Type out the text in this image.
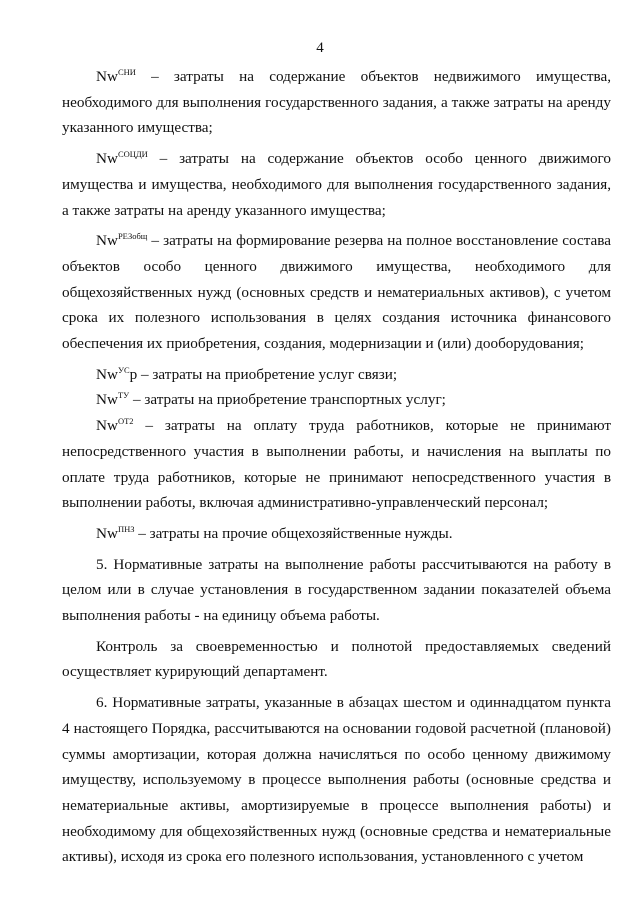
4

$Nw^{СНИ}$ – затраты на содержание объектов недвижимого имущества, необходимого для выполнения государственного задания, а также затраты на аренду указанного имущества;

$Nw^{СОЦДИ}$ – затраты на содержание объектов особо ценного движимого имущества и имущества, необходимого для выполнения государственного задания, а также затраты на аренду указанного имущества;

$Nw^{РЕЗобщ}$ – затраты на формирование резерва на полное восстановление состава объектов особо ценного движимого имущества, необходимого для общехозяйственных нужд (основных средств и нематериальных активов), с учетом срока их полезного использования в целях создания источника финансового обеспечения их приобретения, создания, модернизации и (или) дооборудования;

$Nw^{УС}р$ – затраты на приобретение услуг связи;

$Nw^{ТУ}$ – затраты на приобретение транспортных услуг;

$Nw^{ОТ2}$ – затраты на оплату труда работников, которые не принимают непосредственного участия в выполнении работы, и начисления на выплаты по оплате труда работников, которые не принимают непосредственного участия в выполнении работы, включая административно-управленческий персонал;

$Nw^{ПНЗ}$ – затраты на прочие общехозяйственные нужды.

5. Нормативные затраты на выполнение работы рассчитываются на работу в целом или в случае установления в государственном задании показателей объема выполнения работы - на единицу объема работы.

Контроль за своевременностью и полнотой предоставляемых сведений осуществляет курирующий департамент.

6. Нормативные затраты, указанные в абзацах шестом и одиннадцатом пункта 4 настоящего Порядка, рассчитываются на основании годовой расчетной (плановой) суммы амортизации, которая должна начисляться по особо ценному движимому имуществу, используемому в процессе выполнения работы (основные средства и нематериальные активы, амортизируемые в процессе выполнения работы) и необходимому для общехозяйственных нужд (основные средства и нематериальные активы), исходя из срока его полезного использования, установленного с учетом
